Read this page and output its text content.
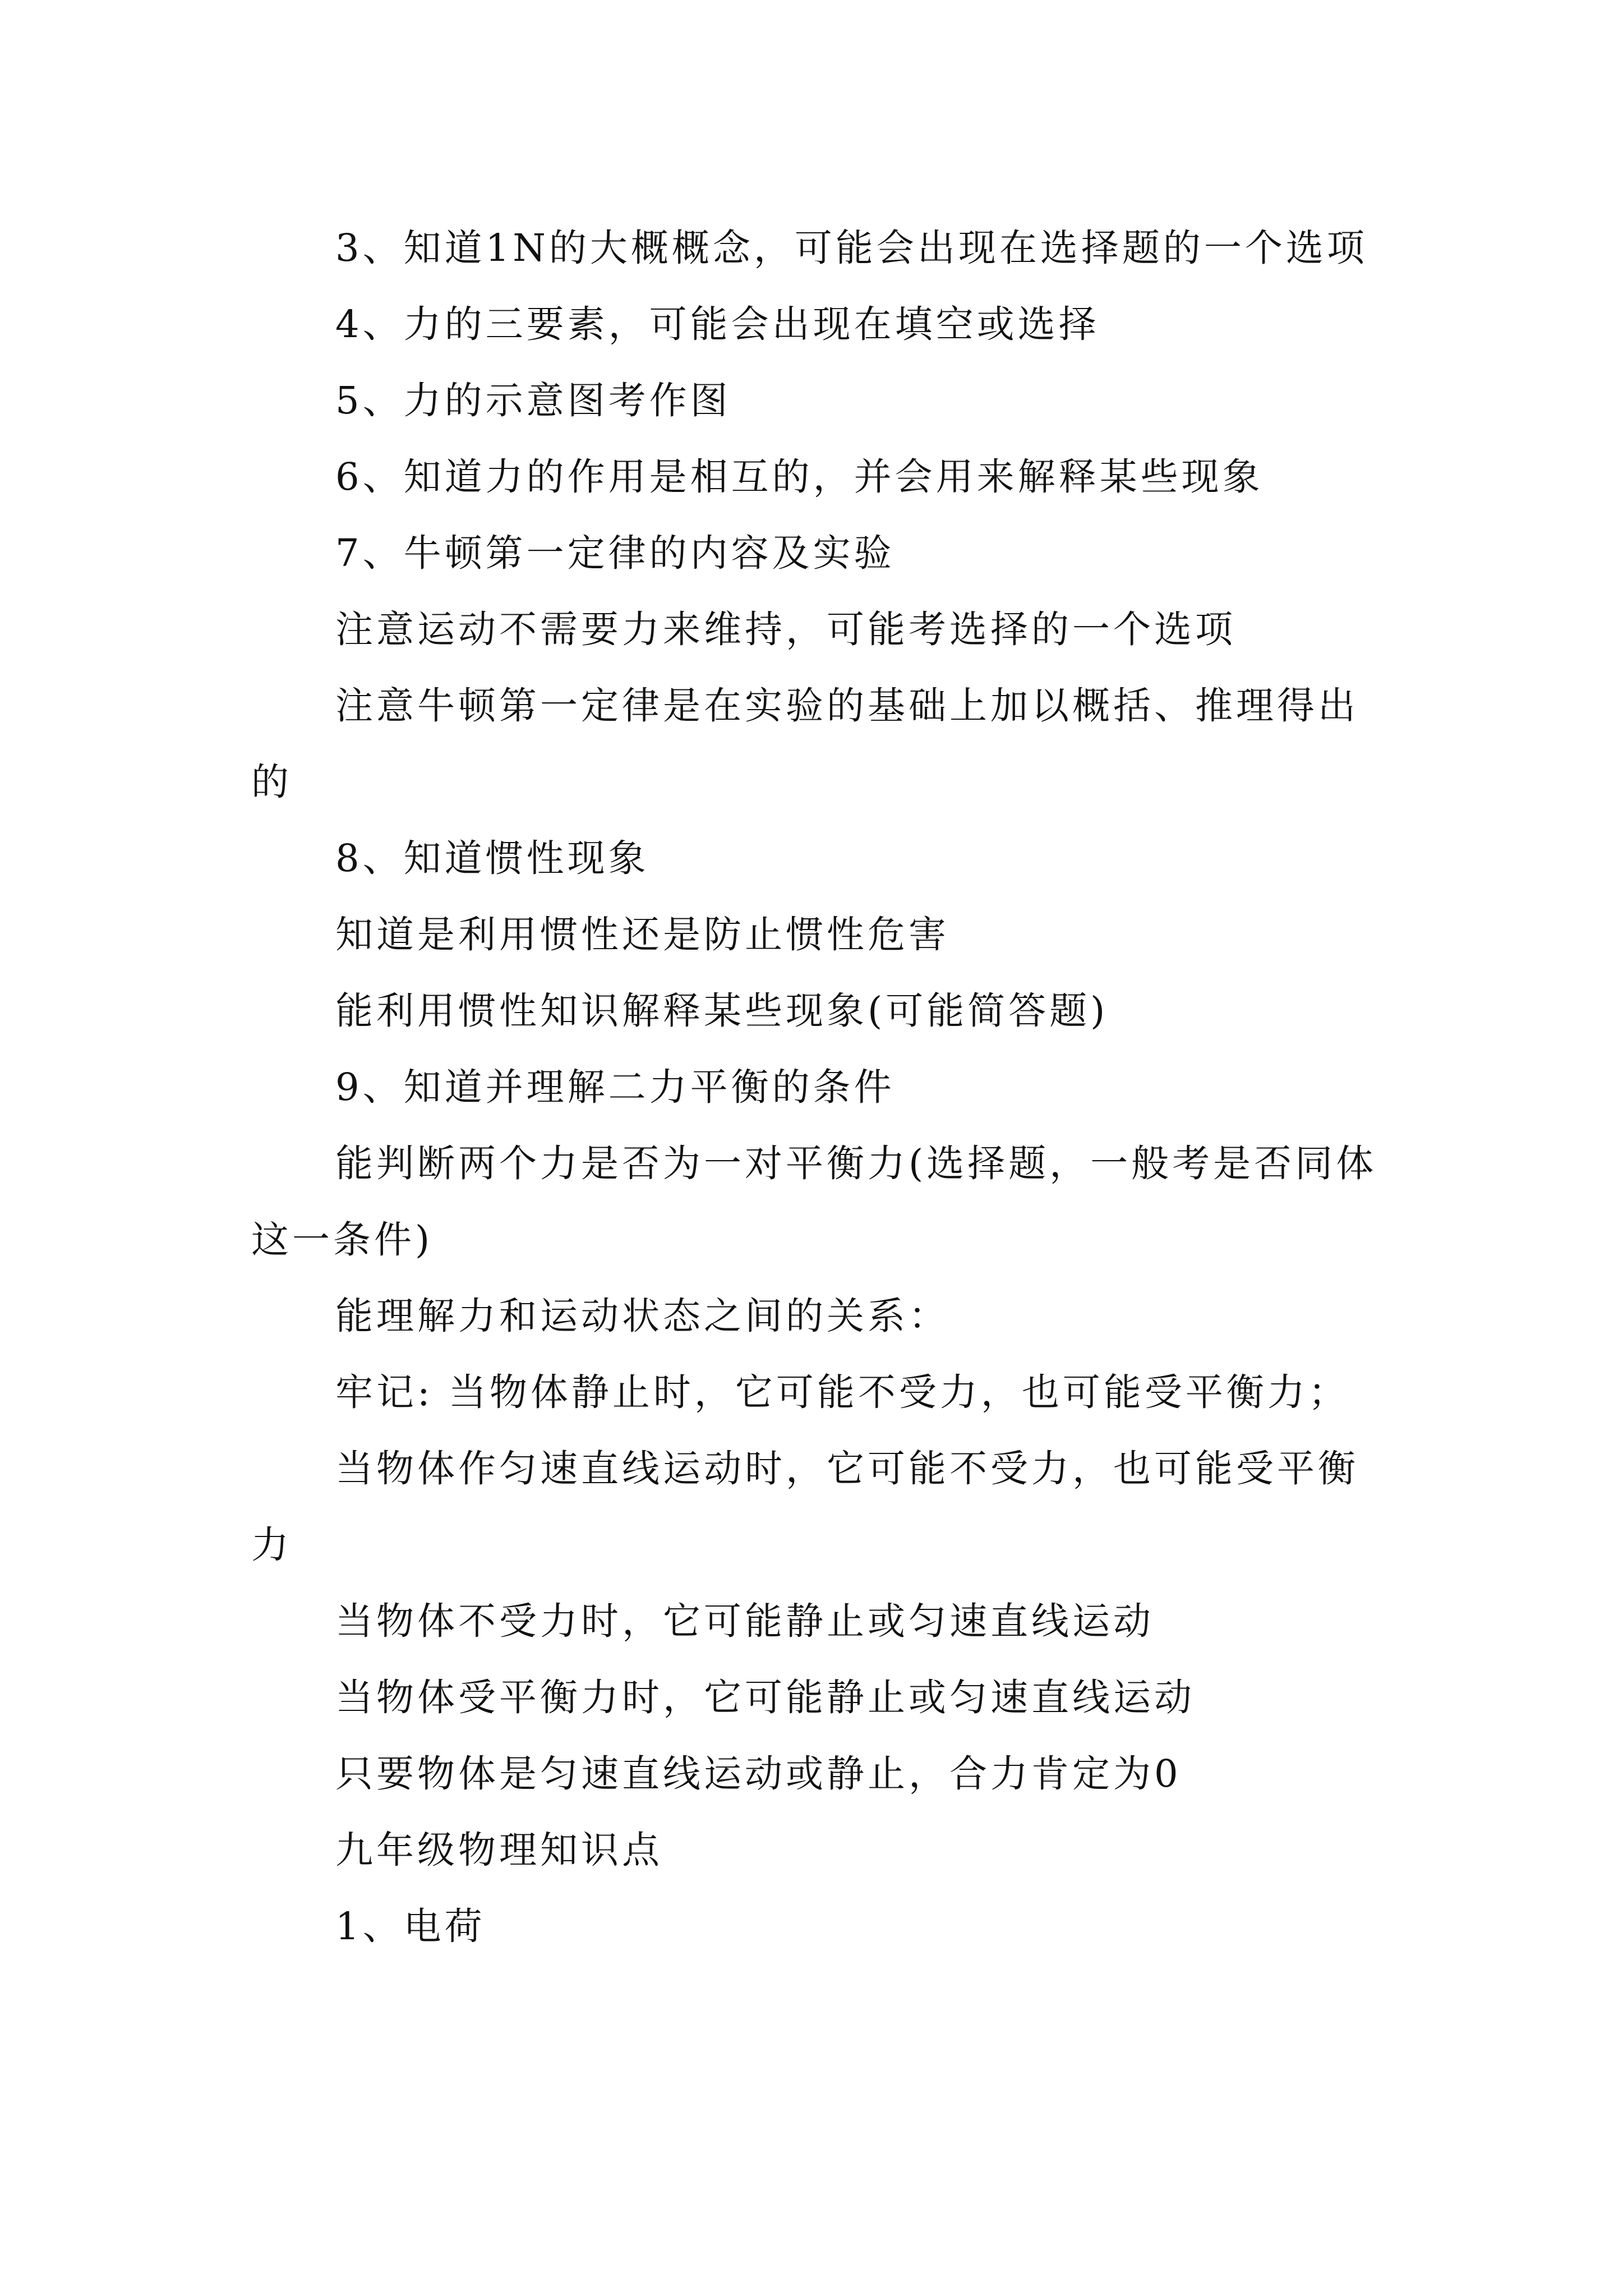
3、知道1N的大概概念，可能会出现在选择题的一个选项

4、力的三要素，可能会出现在填空或选择

5、力的示意图考作图

6、知道力的作用是相互的，并会用来解释某些现象

7、牛顿第一定律的内容及实验

注意运动不需要力来维持，可能考选择的一个选项

注意牛顿第一定律是在实验的基础上加以概括、推理得出的

8、知道惯性现象

知道是利用惯性还是防止惯性危害

能利用惯性知识解释某些现象(可能简答题)

9、知道并理解二力平衡的条件

能判断两个力是否为一对平衡力(选择题，一般考是否同体这一条件)

能理解力和运动状态之间的关系：

牢记: 当物体静止时，它可能不受力，也可能受平衡力；

当物体作匀速直线运动时，它可能不受力，也可能受平衡力

当物体不受力时，它可能静止或匀速直线运动

当物体受平衡力时，它可能静止或匀速直线运动

只要物体是匀速直线运动或静止，合力肯定为0

九年级物理知识点

1、电荷
